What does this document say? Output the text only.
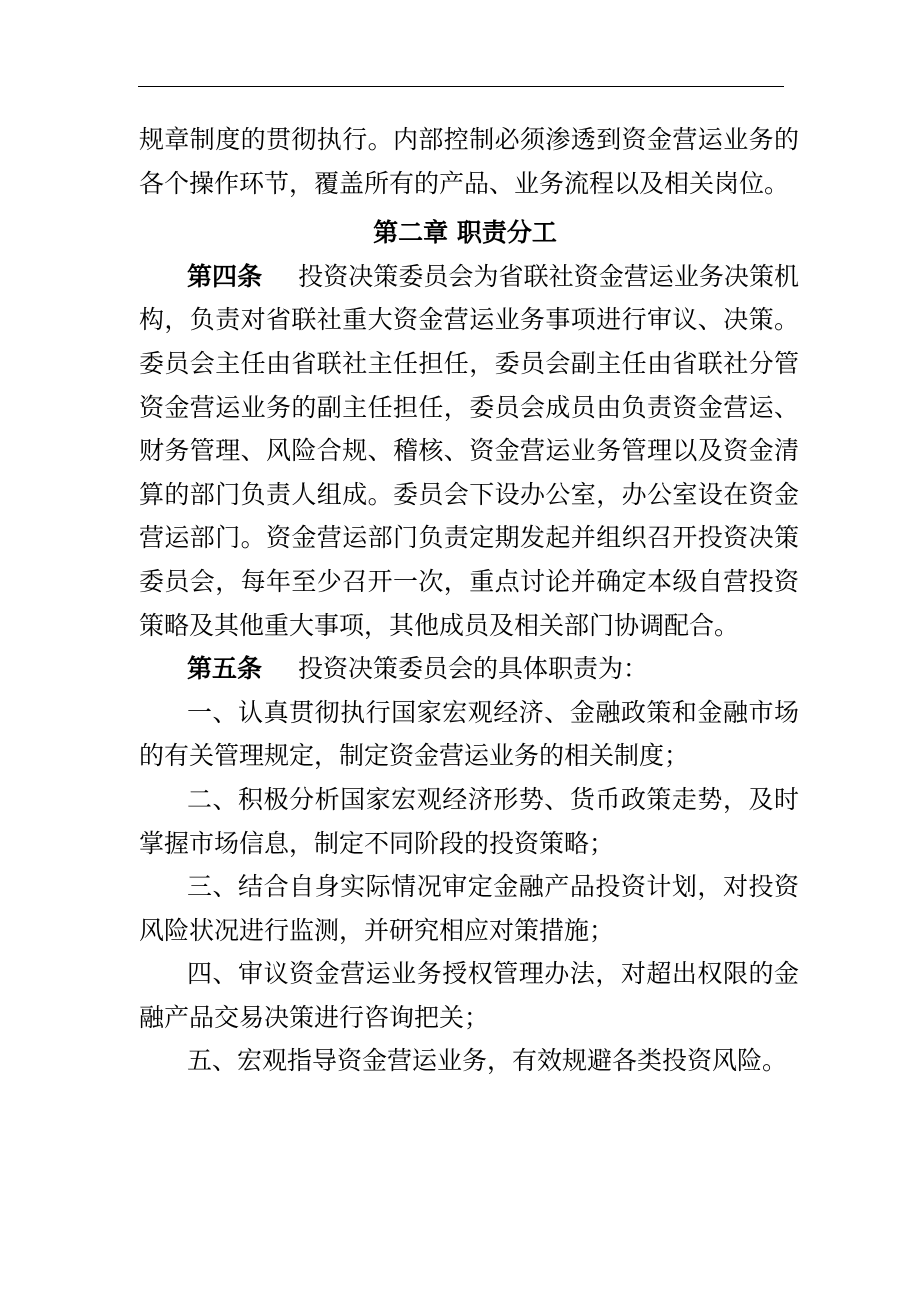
规章制度的贯彻执行。内部控制必须渗透到资金营运业务的各个操作环节，覆盖所有的产品、业务流程以及相关岗位。

第二章 职责分工

第四条 投资决策委员会为省联社资金营运业务决策机构，负责对省联社重大资金营运业务事项进行审议、决策。委员会主任由省联社主任担任，委员会副主任由省联社分管资金营运业务的副主任担任，委员会成员由负责资金营运、财务管理、风险合规、稽核、资金营运业务管理以及资金清算的部门负责人组成。委员会下设办公室，办公室设在资金营运部门。资金营运部门负责定期发起并组织召开投资决策委员会，每年至少召开一次，重点讨论并确定本级自营投资策略及其他重大事项，其他成员及相关部门协调配合。

第五条 投资决策委员会的具体职责为：

一、认真贯彻执行国家宏观经济、金融政策和金融市场的有关管理规定，制定资金营运业务的相关制度；

二、积极分析国家宏观经济形势、货币政策走势，及时掌握市场信息，制定不同阶段的投资策略；

三、结合自身实际情况审定金融产品投资计划，对投资风险状况进行监测，并研究相应对策措施；

四、审议资金营运业务授权管理办法，对超出权限的金融产品交易决策进行咨询把关；

五、宏观指导资金营运业务，有效规避各类投资风险。
